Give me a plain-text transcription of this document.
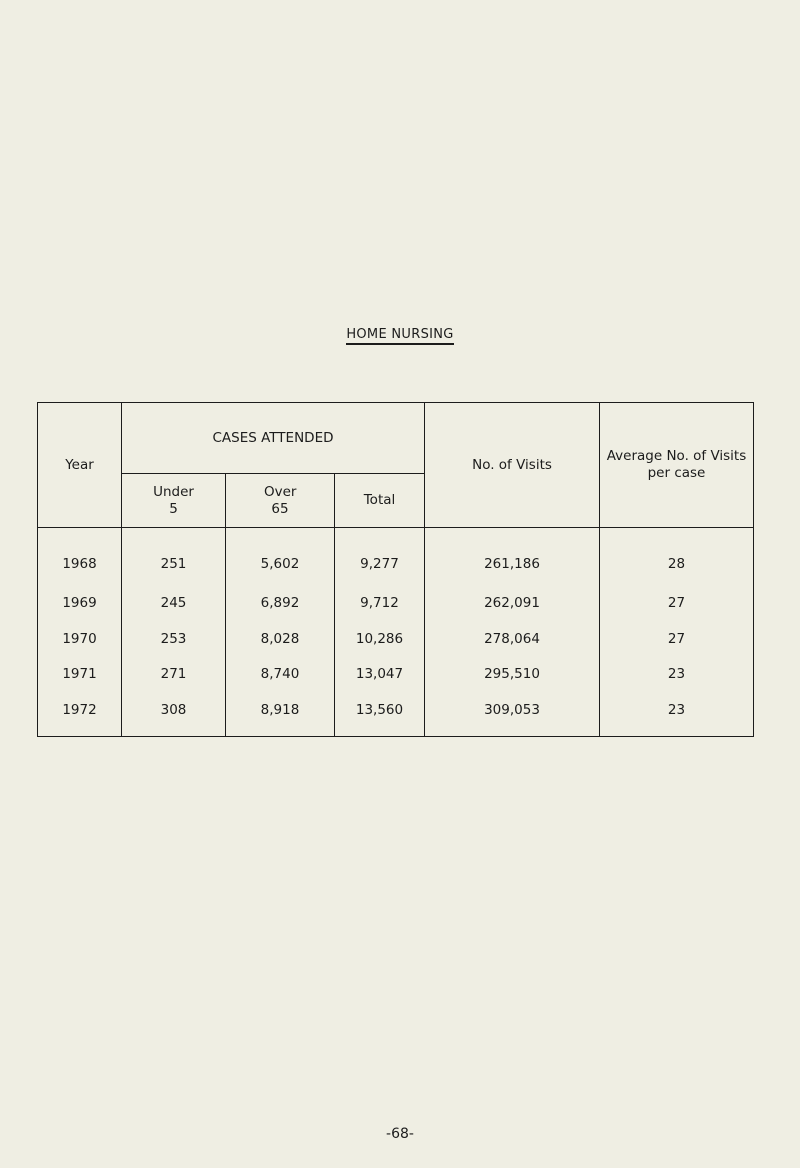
HOME NURSING
Year	CASES ATTENDED			No. of Visits	Average No. of Visits per case
	Under 5	Over 65	Total		
1968	251	5,602	9,277	261,186	28
1969	245	6,892	9,712	262,091	27
1970	253	8,028	10,286	278,064	27
1971	271	8,740	13,047	295,510	23
1972	308	8,918	13,560	309,053	23
-68-
